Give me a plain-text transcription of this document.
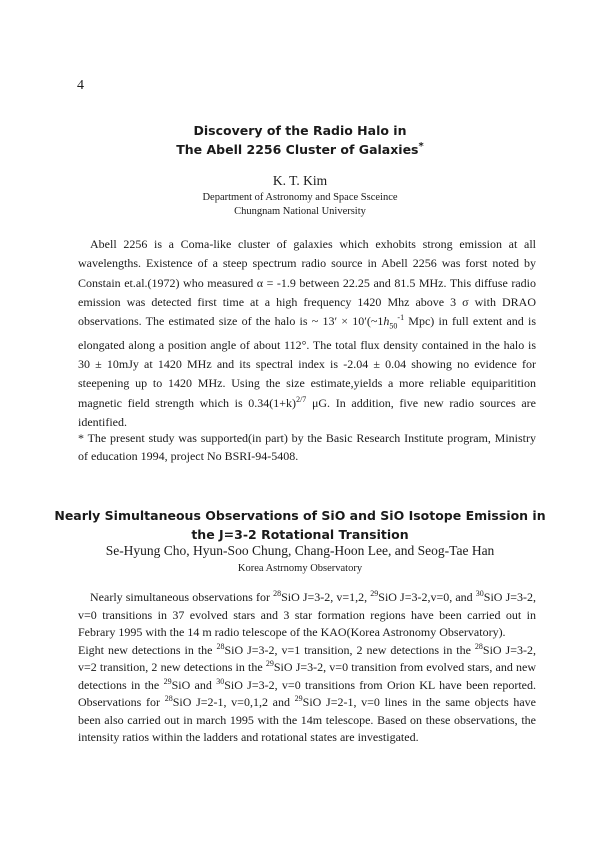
4
Discovery of the Radio Halo in
The Abell 2256 Cluster of Galaxies*
K. T. Kim
Department of Astronomy and Space Ssceince
Chungnam National University
Abell 2256 is a Coma-like cluster of galaxies which exhobits strong emission at all wavelengths. Existence of a steep spectrum radio source in Abell 2256 was forst noted by Constain et.al.(1972) who measured α = -1.9 between 22.25 and 81.5 MHz. This diffuse radio emission was detected first time at a high frequency 1420 Mhz above 3 σ with DRAO observations. The estimated size of the halo is ~ $13' \times 10'(\sim 1h_{50}^{-1}$ Mpc) in full extent and is elongated along a position angle of about 112°. The total flux density contained in the halo is 30 ± 10mJy at 1420 MHz and its spectral index is -2.04 ± 0.04 showing no evidence for steepening up to 1420 MHz. Using the size estimate,yields a more reliable equiparitition magnetic field strength which is $0.34(1+k)^{2/7}$ μG. In addition, five new radio sources are identified.
* The present study was supported(in part) by the Basic Research Institute program, Ministry of education 1994, project No BSRI-94-5408.
Nearly Simultaneous Observations of SiO and SiO Isotope Emission in
the J=3-2 Rotational Transition
Se-Hyung Cho, Hyun-Soo Chung, Chang-Hoon Lee, and Seog-Tae Han
Korea Astrnomy Observatory
Nearly simultaneous observations for $^{28}$SiO J=3-2, v=1,2, $^{29}$SiO J=3-2,v=0, and $^{30}$SiO J=3-2, v=0 transitions in 37 evolved stars and 3 star formation regions have been carried out in Febrary 1995 with the 14 m radio telescope of the KAO(Korea Astronomy Observatory).
Eight new detections in the $^{28}$SiO J=3-2, v=1 transition, 2 new detections in the $^{28}$SiO J=3-2, v=2 transition, 2 new detections in the $^{29}$SiO J=3-2, v=0 transition from evolved stars, and new detections in the $^{29}$SiO and $^{30}$SiO J=3-2, v=0 transitions from Orion KL have been reported. Observations for $^{28}$SiO J=2-1, v=0,1,2 and $^{29}$SiO J=2-1, v=0 lines in the same objects have been also carried out in march 1995 with the 14m telescope. Based on these observations, the intensity ratios within the ladders and rotational states are investigated.
